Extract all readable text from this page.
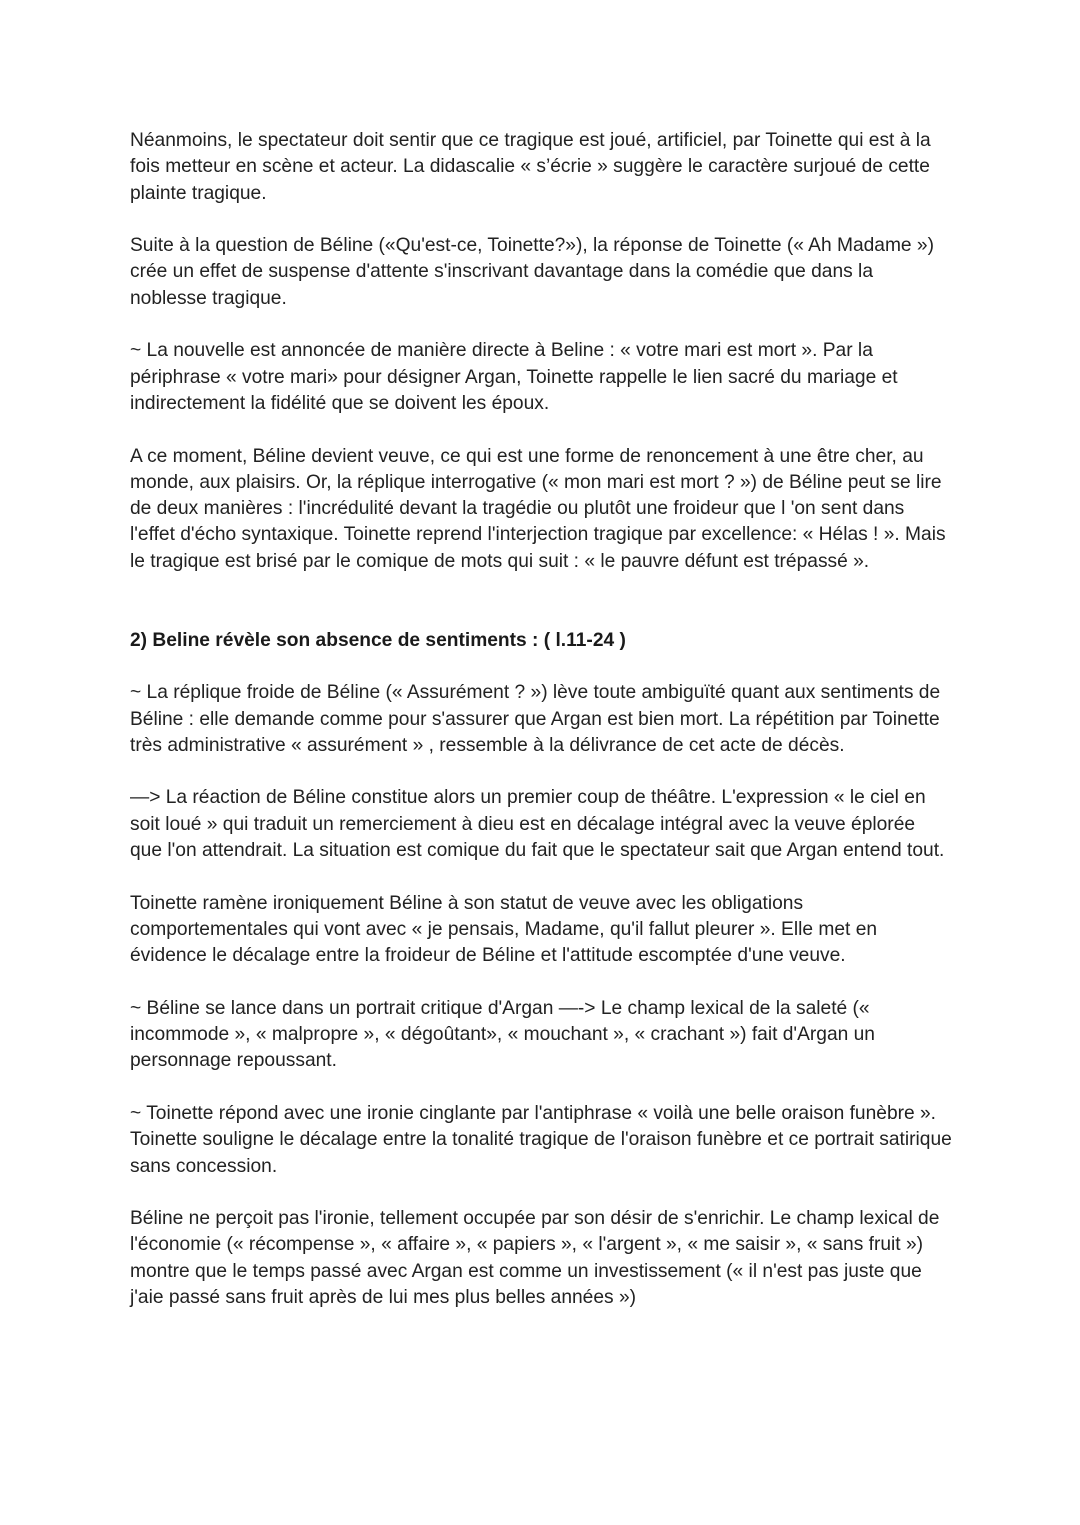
Néanmoins, le spectateur doit sentir que ce tragique est joué, artificiel, par Toinette qui est à la fois metteur en scène et acteur. La didascalie « s’écrie » suggère le caractère surjoué de cette plainte tragique.

Suite à la question de Béline («Qu'est-ce, Toinette?»), la réponse de Toinette (« Ah Madame ») crée un effet de suspense d'attente s'inscrivant davantage dans la comédie que dans la noblesse tragique.

~ La nouvelle est annoncée de manière directe à Beline : « votre mari est mort ». Par la périphrase « votre mari» pour désigner Argan, Toinette rappelle le lien sacré du mariage et indirectement la fidélité que se doivent les époux.

A ce moment, Béline devient veuve, ce qui est une forme de renoncement à une être cher, au monde, aux plaisirs. Or, la réplique interrogative (« mon mari est mort ? ») de Béline peut se lire de deux manières : l'incrédulité devant la tragédie ou plutôt une froideur que l 'on sent dans l'effet d'écho syntaxique. Toinette reprend l'interjection tragique par excellence: « Hélas ! ». Mais le tragique est brisé par le comique de mots qui suit : « le pauvre défunt est trépassé ».

2) Beline révèle son absence de sentiments : ( l.11-24 )

~ La réplique froide de Béline (« Assurément ? ») lève toute ambiguïté quant aux sentiments de Béline : elle demande comme pour s'assurer que Argan est bien mort. La répétition par Toinette très administrative « assurément » , ressemble à la délivrance de cet acte de décès.

—> La réaction de Béline constitue alors un premier coup de théâtre. L'expression « le ciel en soit loué » qui traduit un remerciement à dieu est en décalage intégral avec la veuve éplorée que l'on attendrait. La situation est comique du fait que le spectateur sait que Argan entend tout.

Toinette ramène ironiquement Béline à son statut de veuve avec les obligations comportementales qui vont avec « je pensais, Madame, qu'il fallut pleurer ». Elle met en évidence le décalage entre la froideur de Béline et l'attitude escomptée d'une veuve.

~ Béline se lance dans un portrait critique d'Argan —-> Le champ lexical de la saleté (« incommode », « malpropre », « dégoûtant», « mouchant », « crachant ») fait d'Argan un personnage repoussant.

~ Toinette répond avec une ironie cinglante par l'antiphrase « voilà une belle oraison funèbre ». Toinette souligne le décalage entre la tonalité tragique de l'oraison funèbre et ce portrait satirique sans concession.

Béline ne perçoit pas l'ironie, tellement occupée par son désir de s'enrichir. Le champ lexical de l'économie (« récompense », « affaire », « papiers », « l'argent », « me saisir », « sans fruit ») montre que le temps passé avec Argan est comme un investissement (« il n'est pas juste que j'aie passé sans fruit après de lui mes plus belles années »)
